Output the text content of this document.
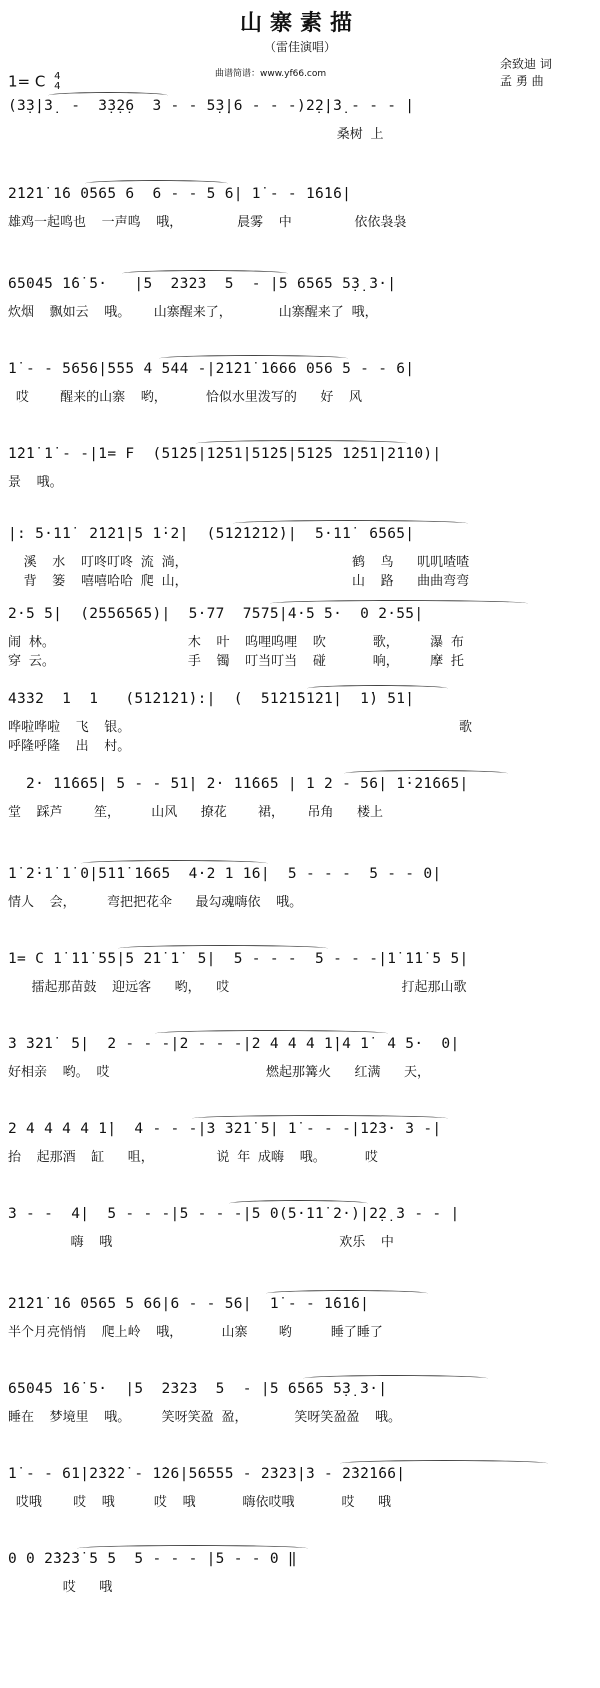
山寨素描
（雷佳演唱）
曲谱简谱：www.yf66.com
余致迪 词
孟 勇 曲
1= C 4
4
(3̣3̣|3̣  -  3̣3̣2̣6  3 - - 5̣3̣|6 - - -)2̣2̣|3̣ - - - |
桑树 上
2̇1̇2̇1̇ 1̇6 0565 6  6 - - 5 6| 1̇ - - 1̇6̇1̇6|
雄鸡一起鸣也  一声鸣  哦，       晨雾  中        依依袅袅
65045 1̇6̇ 5·   |5  2323  5  - |5 6565 5̣3̣ 3·|
炊烟  飘如云  哦。   山寨醒来了，      山寨醒来了 哦，
1̇ - - 5656|555 4 544 -|2̇1̇2̇1̇ 1̇666 056 5 - - 6|
哎    醒来的山寨  哟，     恰似水里泼写的   好  风
1̇2̇1̇ 1̇ - -|1= F  (51̇2̇5|1̇2̇51̇|51̇2̇5|51̇2̇5 1̇2̇51̇|2̇1̇1̇0)|
景  哦。
|: 5·1̇1̇  2̇1̇2̇1̇|5 1̇·2̇|  (51̇2̇1̇2̇1̇2̇)|  5·1̇1̇  6565|
溪  水  叮咚叮咚 流 淌，                     鹤  鸟   叽叽喳喳
背  篓  嘻嘻哈哈 爬 山，                     山  路   曲曲弯弯
2·5 5|  (2556565)|  5·77  7575|4·5 5·  0 2·55|
闹 林。                 木  叶  呜哩呜哩  吹      歌，    瀑 布
穿 云。                 手  镯  叮当叮当  碰      响，    摩 托
4332  1  1   (51̇2̇1̇2̇1̇):|  (  51̇2̇1̇51̇2̇1̇|  1̇) 51̇|
哗啦哗啦  飞  银。                                          歌
呼隆呼隆  出  村。
2· 1̇1̇665| 5 - - 51̇| 2· 1̇1̇665 | 1 2 - 56| 1̇·2̇1̇665|
堂  踩芦    笙，    山风   撩花    裙，   吊角   楼上
1̇ 2̇·1̇ 1̇ 0|51̇1̇ 1̇665  4·2 1 16|  5 - - -  5 - - 0|
情人  会，    弯把把花伞   最勾魂嗨依  哦。
1= C 1̇ 1̇1̇ 55|5 2̇1̇ 1̇  5|  5 - - -  5 - - -|1̇ 1̇1̇ 5 5|
擂起那苗鼓  迎远客   哟，  哎                      打起那山歌
3 32̇1̇  5|  2 - - -|2 - - -|2 4 4 4 1̇|4 1̇  4 5·  0|
好相亲  哟。 哎                    燃起那篝火   红满   天，
2 4 4 4 4 1̇|  4 - - -|3 32̇1̇ 5| 1̇ - - -|1̇2̇3· 3 -|
抬  起那酒  缸   咀，        说 年 成嗨  哦。     哎
3 - -  4|  5 - - -|5 - - -|5 0(5·1̇1̇ 2·)|2̣2̣ 3 - - |
嗨  哦                             欢乐  中
2̇1̇2̇1̇ 1̇6 0565 5 66|6 - - 56|  1̇ - - 1̇6̇1̇6|
半个月亮悄悄  爬上岭  哦，     山寨    哟     睡了睡了
65045 1̇6̇ 5·  |5  2323  5  - |5 6565 5̣3̣ 3·|
睡在  梦境里  哦。    笑呀笑盈 盈，      笑呀笑盈盈  哦。
1̇ - - 61̇|2̇3̇2̇2̇ - 1̇26|56555 - 2323|3 - 2̇3̇2̇1̇66|
哎哦    哎  哦     哎  哦      嗨依哎哦      哎   哦
0 0 2̇3̇2̇3̇ 5 5  5 - - - |5 - - 0 ‖
哎   哦
